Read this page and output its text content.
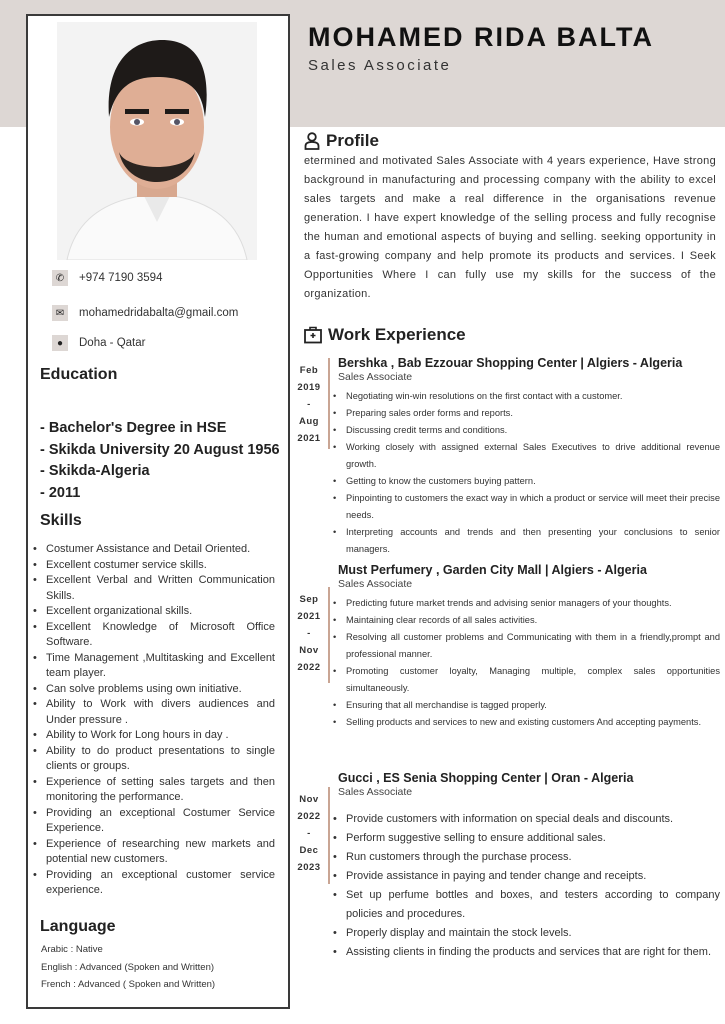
MOHAMED RIDA BALTA
Sales Associate
✆	+974 7190 3594
✉	mohamedridabalta@gmail.com
●	Doha - Qatar
Education
- Bachelor's Degree in HSE
- Skikda University 20 August 1956
- Skikda-Algeria
- 2011
Skills
• Costumer Assistance and Detail Oriented.
• Excellent costumer service skills.
• Excellent Verbal and Written Communication Skills.
• Excellent organizational skills.
• Excellent Knowledge of Microsoft Office Software.
• Time Management ,Multitasking and Excellent team player.
• Can solve problems using own initiative.
• Ability to Work with divers audiences and Under pressure .
• Ability to Work for Long hours in day .
• Ability to do product presentations to single clients or groups.
• Experience of setting sales targets and then monitoring the performance.
• Providing an exceptional Costumer Service Experience.
• Experience of researching new markets and potential new customers.
• Providing an exceptional customer service experience.
Language
Arabic : Native
English : Advanced (Spoken and Written)
French : Advanced ( Spoken and Written)
Profile
etermined and motivated Sales Associate with 4 years experience, Have strong background in manufacturing and processing company with the ability to excel sales targets and make a real difference in the organisations revenue generation. I have expert knowledge of the selling process and fully recognise the human and emotional aspects of buying and selling. seeking opportunity in a fast-growing company and help promote its products and services. I Seek Opportunities Where I can fully use my skills for the success of the organization.
Work Experience
Feb
2019
-
Aug
2021
Bershka , Bab Ezzouar Shopping Center | Algiers - Algeria
Sales Associate
• Negotiating win-win resolutions on the first contact with a customer.
• Preparing sales order forms and reports.
• Discussing credit terms and conditions.
• Working closely with assigned external Sales Executives to drive additional revenue growth.
• Getting to know the customers buying pattern.
• Pinpointing to customers the exact way in which a product or service will meet their precise needs.
• Interpreting accounts and trends and then presenting your conclusions to senior managers.
Sep
2021
-
Nov
2022
Must Perfumery , Garden City Mall | Algiers - Algeria
Sales Associate
• Predicting future market trends and advising senior managers of your thoughts.
• Maintaining clear records of all sales activities.
• Resolving all customer problems and Communicating with them in a friendly,prompt and professional manner.
• Promoting customer loyalty, Managing multiple, complex sales opportunities simultaneously.
• Ensuring that all merchandise is tagged properly.
• Selling products and services to new and existing customers And accepting payments.
Nov
2022
-
Dec
2023
Gucci , ES Senia Shopping Center | Oran - Algeria
Sales Associate
• Provide customers with information on special deals and discounts.
• Perform suggestive selling to ensure additional sales.
• Run customers through the purchase process.
• Provide assistance in paying and tender change and receipts.
• Set up perfume bottles and boxes, and testers according to company policies and procedures.
• Properly display and maintain the stock levels.
• Assisting clients in finding the products and services that are right for them.
